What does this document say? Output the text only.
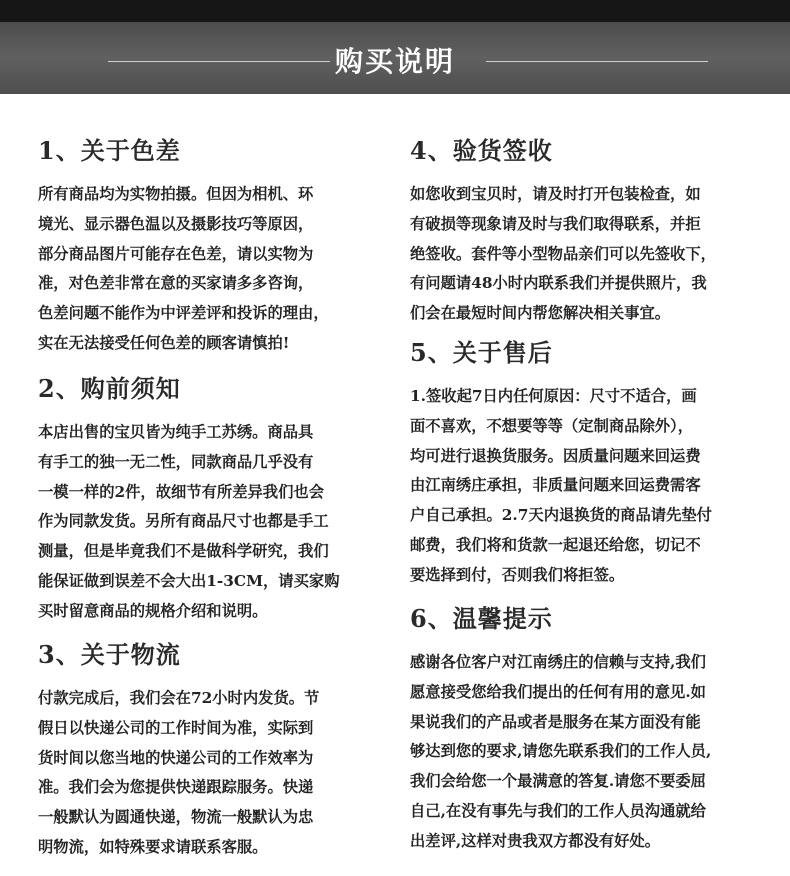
购买说明
1、关于色差

所有商品均为实物拍摄。但因为相机、环
境光、显示器色温以及摄影技巧等原因，
部分商品图片可能存在色差，请以实物为
准，对色差非常在意的买家请多多咨询，
色差问题不能作为中评差评和投诉的理由，
实在无法接受任何色差的顾客请慎拍!

2、购前须知

本店出售的宝贝皆为纯手工苏绣。商品具
有手工的独一无二性，同款商品几乎没有
一模一样的2件，故细节有所差异我们也会
作为同款发货。另所有商品尺寸也都是手工
测量，但是毕竟我们不是做科学研究，我们
能保证做到误差不会大出1-3CM，请买家购
买时留意商品的规格介绍和说明。

3、关于物流

付款完成后，我们会在72小时内发货。节
假日以快递公司的工作时间为准，实际到
货时间以您当地的快递公司的工作效率为
准。我们会为您提供快递跟踪服务。快递
一般默认为圆通快递，物流一般默认为忠
明物流，如特殊要求请联系客服。

4、验货签收

如您收到宝贝时，请及时打开包装检查，如
有破损等现象请及时与我们取得联系，并拒
绝签收。套件等小型物品亲们可以先签收下，
有问题请48小时内联系我们并提供照片，我
们会在最短时间内帮您解决相关事宜。

5、关于售后

1.签收起7日内任何原因：尺寸不适合，画
面不喜欢，不想要等等（定制商品除外），
均可进行退换货服务。因质量问题来回运费
由江南绣庄承担，非质量问题来回运费需客
户自己承担。2.7天内退换货的商品请先垫付
邮费，我们将和货款一起退还给您，切记不
要选择到付，否则我们将拒签。

6、温馨提示

感谢各位客户对江南绣庄的信赖与支持,我们
愿意接受您给我们提出的任何有用的意见.如
果说我们的产品或者是服务在某方面没有能
够达到您的要求,请您先联系我们的工作人员,
我们会给您一个最满意的答复.请您不要委屈
自己,在没有事先与我们的工作人员沟通就给
出差评,这样对贵我双方都没有好处。
